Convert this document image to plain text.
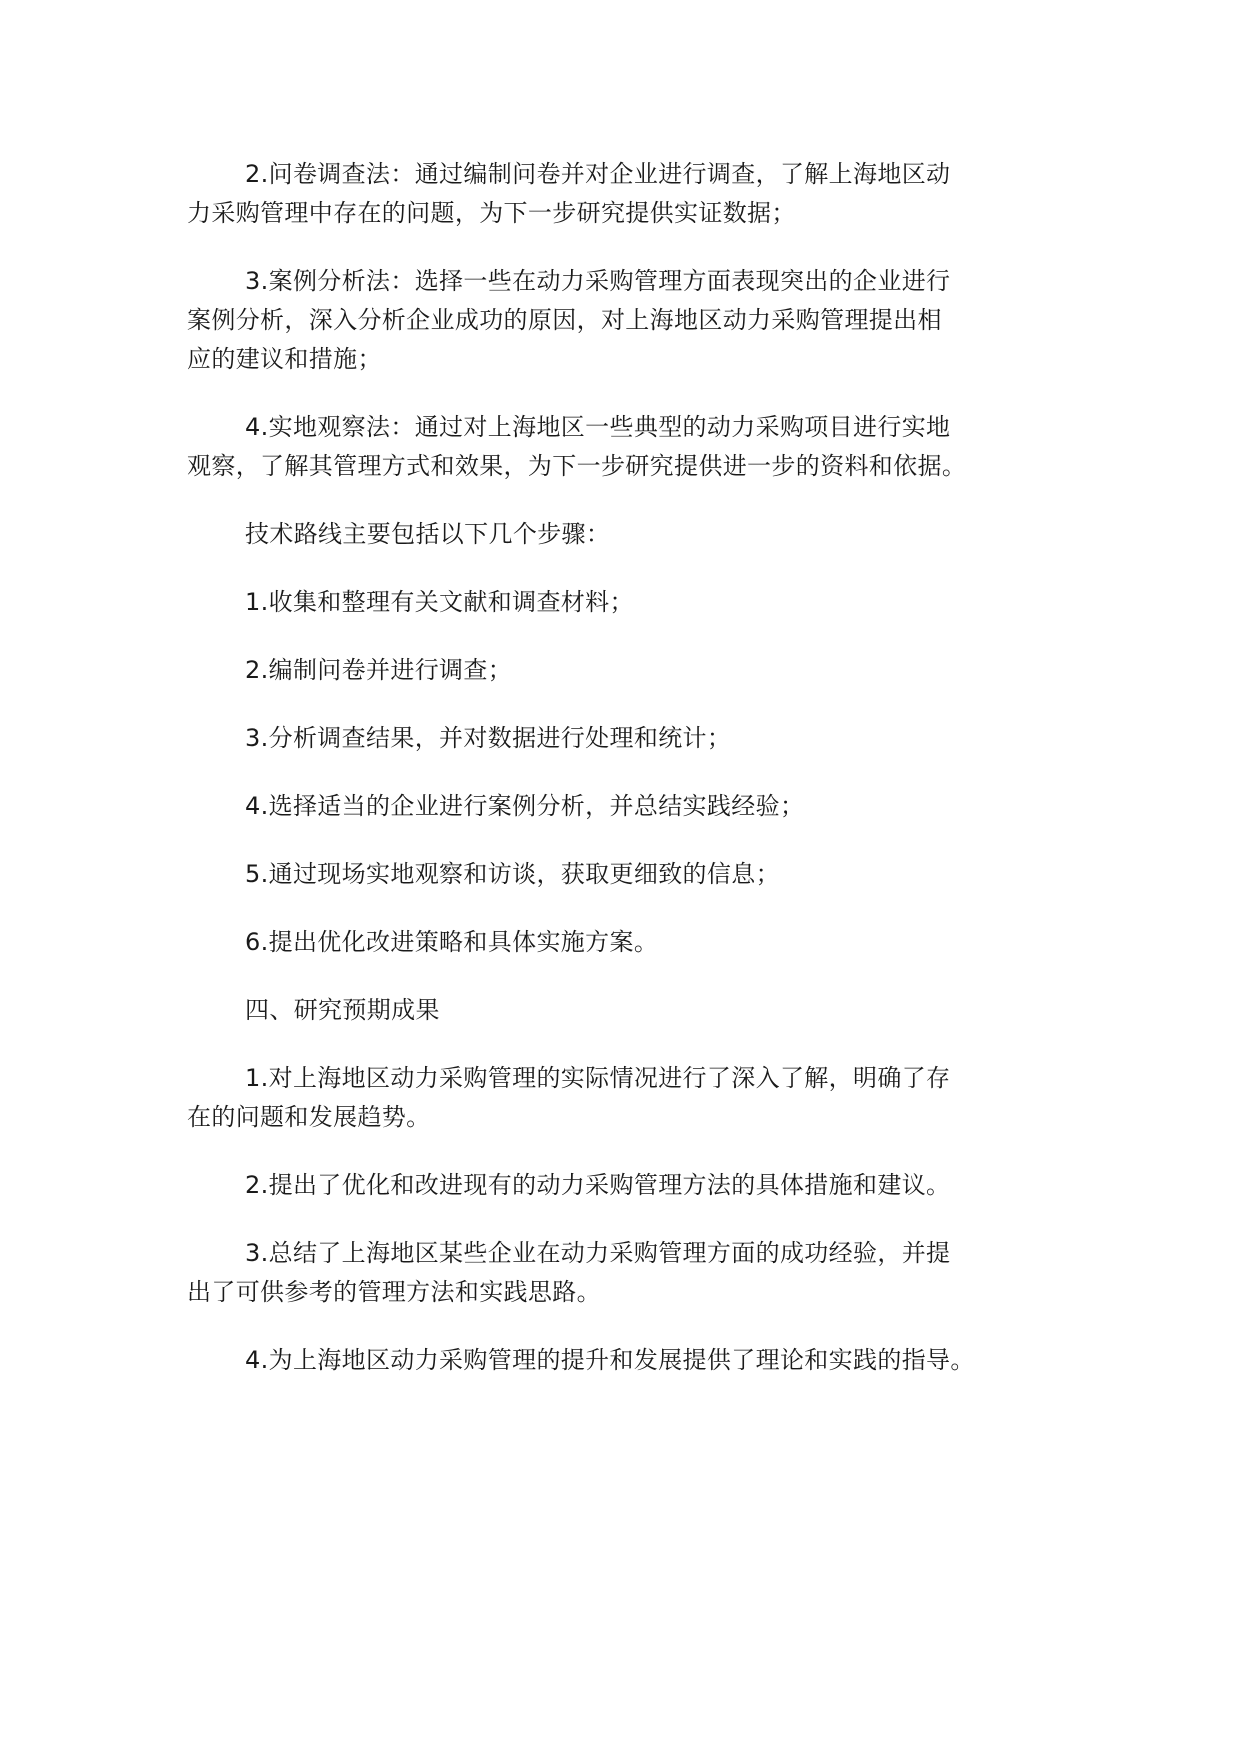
2.问卷调查法：通过编制问卷并对企业进行调查，了解上海地区动
力采购管理中存在的问题，为下一步研究提供实证数据；

3.案例分析法：选择一些在动力采购管理方面表现突出的企业进行
案例分析，深入分析企业成功的原因，对上海地区动力采购管理提出相
应的建议和措施；

4.实地观察法：通过对上海地区一些典型的动力采购项目进行实地
观察，了解其管理方式和效果，为下一步研究提供进一步的资料和依据。

技术路线主要包括以下几个步骤：

1.收集和整理有关文献和调查材料；

2.编制问卷并进行调查；

3.分析调查结果，并对数据进行处理和统计；

4.选择适当的企业进行案例分析，并总结实践经验；

5.通过现场实地观察和访谈，获取更细致的信息；

6.提出优化改进策略和具体实施方案。

四、研究预期成果

1.对上海地区动力采购管理的实际情况进行了深入了解，明确了存
在的问题和发展趋势。

2.提出了优化和改进现有的动力采购管理方法的具体措施和建议。

3.总结了上海地区某些企业在动力采购管理方面的成功经验，并提
出了可供参考的管理方法和实践思路。

4.为上海地区动力采购管理的提升和发展提供了理论和实践的指导。
